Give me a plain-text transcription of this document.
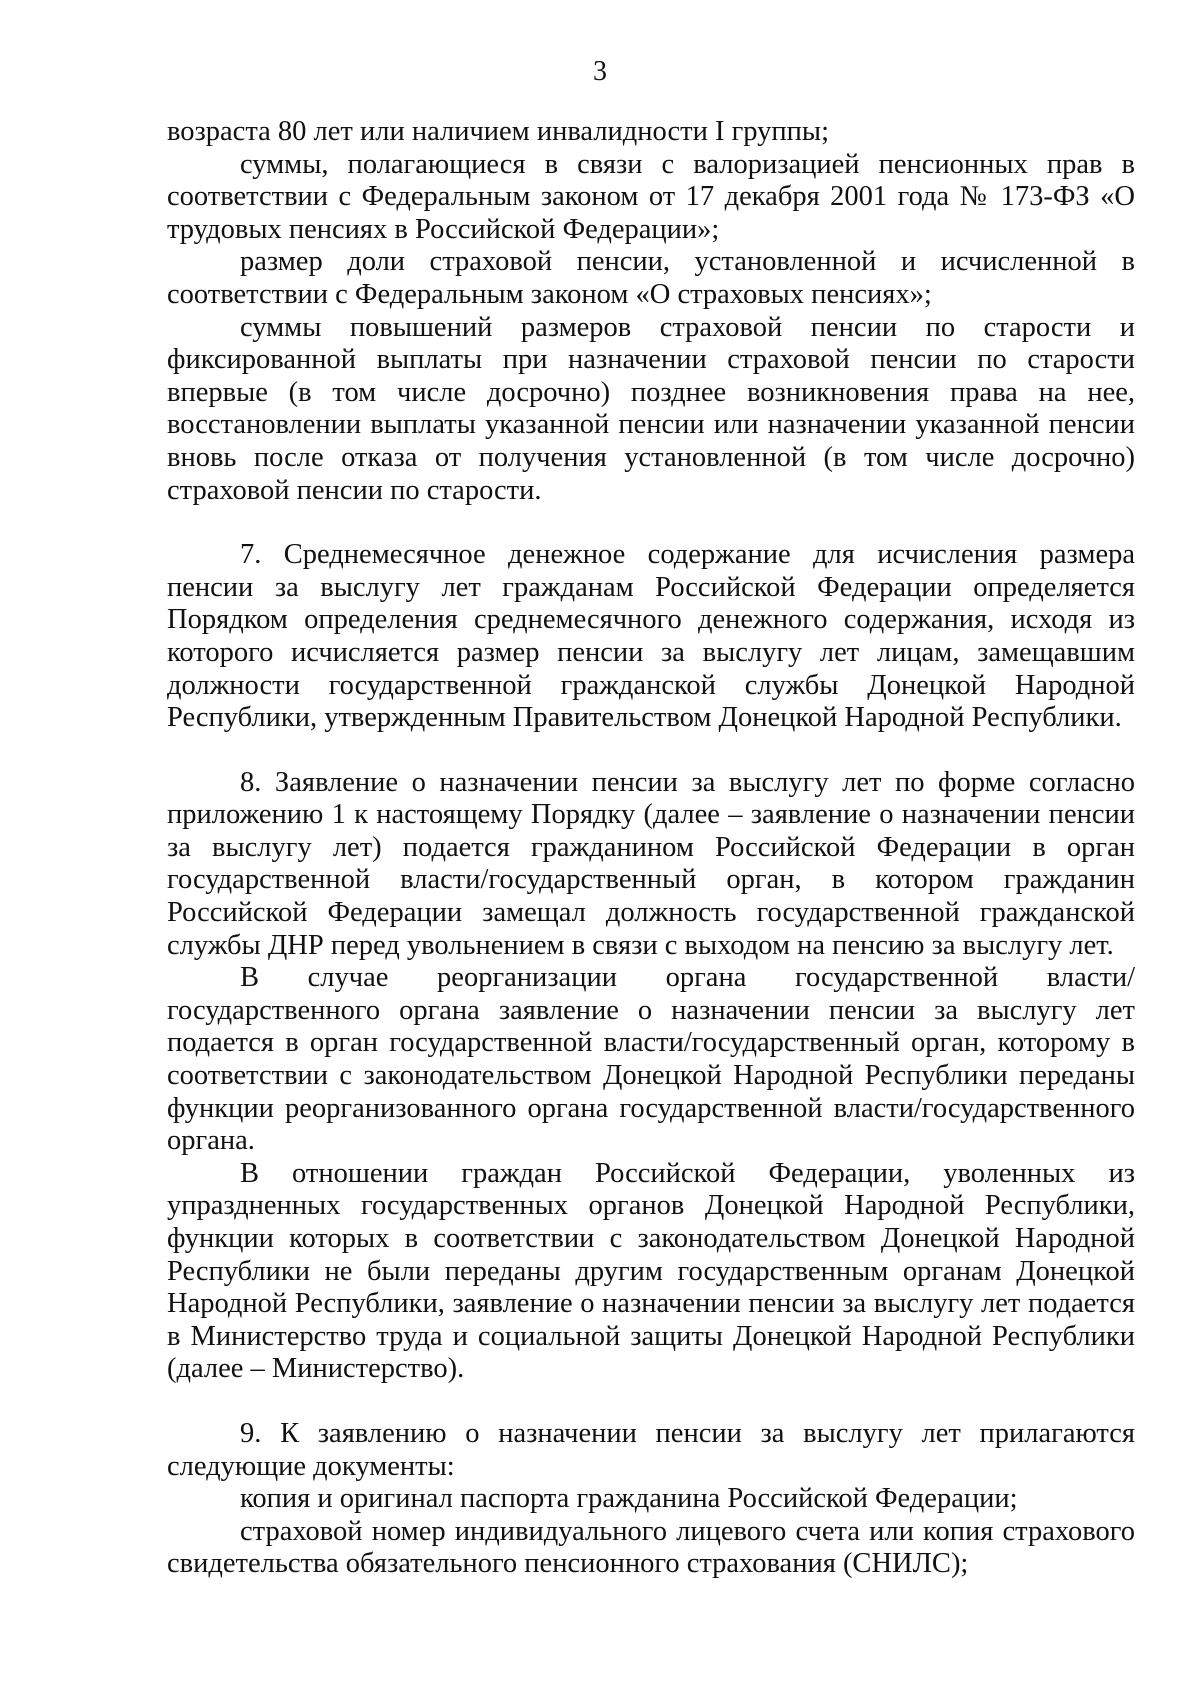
3

возраста 80 лет или наличием инвалидности I группы;

суммы, полагающиеся в связи с валоризацией пенсионных прав в соответствии с Федеральным законом от 17 декабря 2001 года № 173-ФЗ «О трудовых пенсиях в Российской Федерации»;

размер доли страховой пенсии, установленной и исчисленной в соответствии с Федеральным законом «О страховых пенсиях»;

суммы повышений размеров страховой пенсии по старости и фиксированной выплаты при назначении страховой пенсии по старости впервые (в том числе досрочно) позднее возникновения права на нее, восстановлении выплаты указанной пенсии или назначении указанной пенсии вновь после отказа от получения установленной (в том числе досрочно) страховой пенсии по старости.

7. Среднемесячное денежное содержание для исчисления размера пенсии за выслугу лет гражданам Российской Федерации определяется Порядком определения среднемесячного денежного содержания, исходя из которого исчисляется размер пенсии за выслугу лет лицам, замещавшим должности государственной гражданской службы Донецкой Народной Республики, утвержденным Правительством Донецкой Народной Республики.

8. Заявление о назначении пенсии за выслугу лет по форме согласно приложению 1 к настоящему Порядку (далее – заявление о назначении пенсии за выслугу лет) подается гражданином Российской Федерации в орган государственной власти/государственный орган, в котором гражданин Российской Федерации замещал должность государственной гражданской службы ДНР перед увольнением в связи с выходом на пенсию за выслугу лет.

В случае реорганизации органа государственной власти/государственного органа заявление о назначении пенсии за выслугу лет подается в орган государственной власти/государственный орган, которому в соответствии с законодательством Донецкой Народной Республики переданы функции реорганизованного органа государственной власти/государственного органа.

В отношении граждан Российской Федерации, уволенных из упраздненных государственных органов Донецкой Народной Республики, функции которых в соответствии с законодательством Донецкой Народной Республики не были переданы другим государственным органам Донецкой Народной Республики, заявление о назначении пенсии за выслугу лет подается в Министерство труда и социальной защиты Донецкой Народной Республики (далее – Министерство).

9. К заявлению о назначении пенсии за выслугу лет прилагаются следующие документы:

копия и оригинал паспорта гражданина Российской Федерации;

страховой номер индивидуального лицевого счета или копия страхового свидетельства обязательного пенсионного страхования (СНИЛС);
